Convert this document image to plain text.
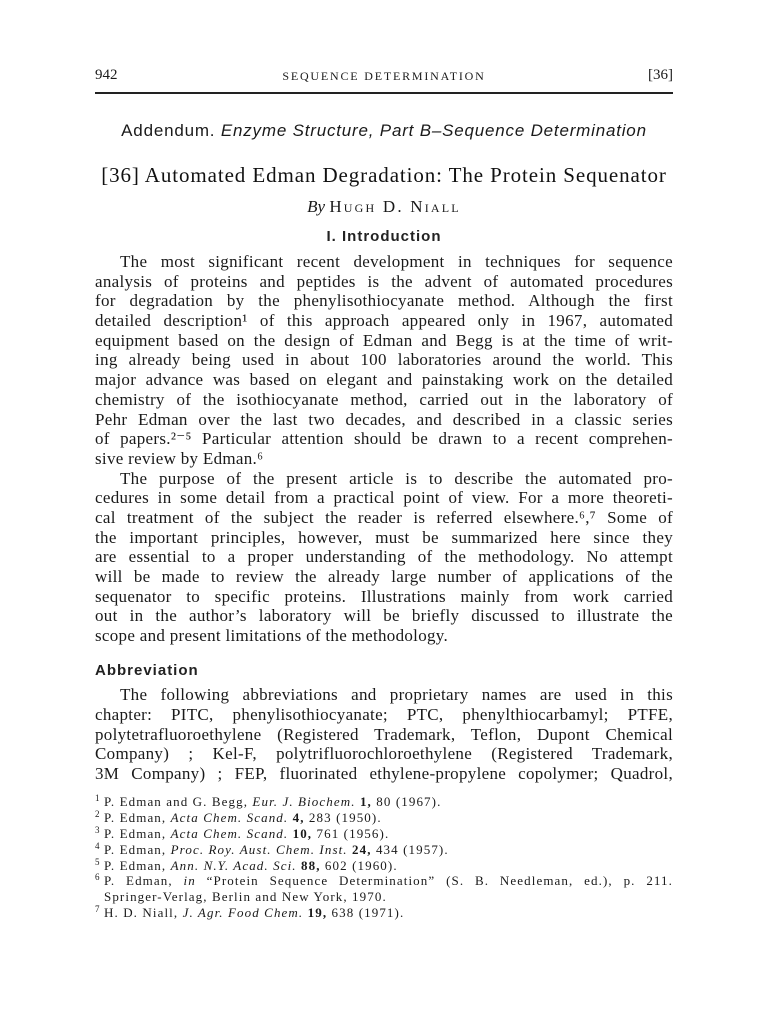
942	SEQUENCE DETERMINATION	[36]
Addendum. Enzyme Structure, Part B–Sequence Determination
[36] Automated Edman Degradation: The Protein Sequenator
By Hugh D. Niall
I. Introduction
The most significant recent development in techniques for sequence
analysis of proteins and peptides is the advent of automated procedures
for degradation by the phenylisothiocyanate method. Although the first
detailed description¹ of this approach appeared only in 1967, automated
equipment based on the design of Edman and Begg is at the time of writ-
ing already being used in about 100 laboratories around the world. This
major advance was based on elegant and painstaking work on the detailed
chemistry of the isothiocyanate method, carried out in the laboratory of
Pehr Edman over the last two decades, and described in a classic series
of papers.²⁻⁵ Particular attention should be drawn to a recent comprehen-
sive review by Edman.⁶
The purpose of the present article is to describe the automated pro-
cedures in some detail from a practical point of view. For a more theoreti-
cal treatment of the subject the reader is referred elsewhere.⁶,⁷ Some of
the important principles, however, must be summarized here since they
are essential to a proper understanding of the methodology. No attempt
will be made to review the already large number of applications of the
sequenator to specific proteins. Illustrations mainly from work carried
out in the author’s laboratory will be briefly discussed to illustrate the
scope and present limitations of the methodology.
Abbreviation
The following abbreviations and proprietary names are used in this
chapter: PITC, phenylisothiocyanate; PTC, phenylthiocarbamyl; PTFE,
polytetrafluoroethylene (Registered Trademark, Teflon, Dupont Chemical
Company) ; Kel-F, polytrifluorochloroethylene (Registered Trademark,
3M Company) ; FEP, fluorinated ethylene-propylene copolymer; Quadrol,
1 P. Edman and G. Begg, Eur. J. Biochem. 1, 80 (1967).
2 P. Edman, Acta Chem. Scand. 4, 283 (1950).
3 P. Edman, Acta Chem. Scand. 10, 761 (1956).
4 P. Edman, Proc. Roy. Aust. Chem. Inst. 24, 434 (1957).
5 P. Edman, Ann. N.Y. Acad. Sci. 88, 602 (1960).
6 P. Edman, in “Protein Sequence Determination” (S. B. Needleman, ed.), p. 211.
Springer-Verlag, Berlin and New York, 1970.
7 H. D. Niall, J. Agr. Food Chem. 19, 638 (1971).
